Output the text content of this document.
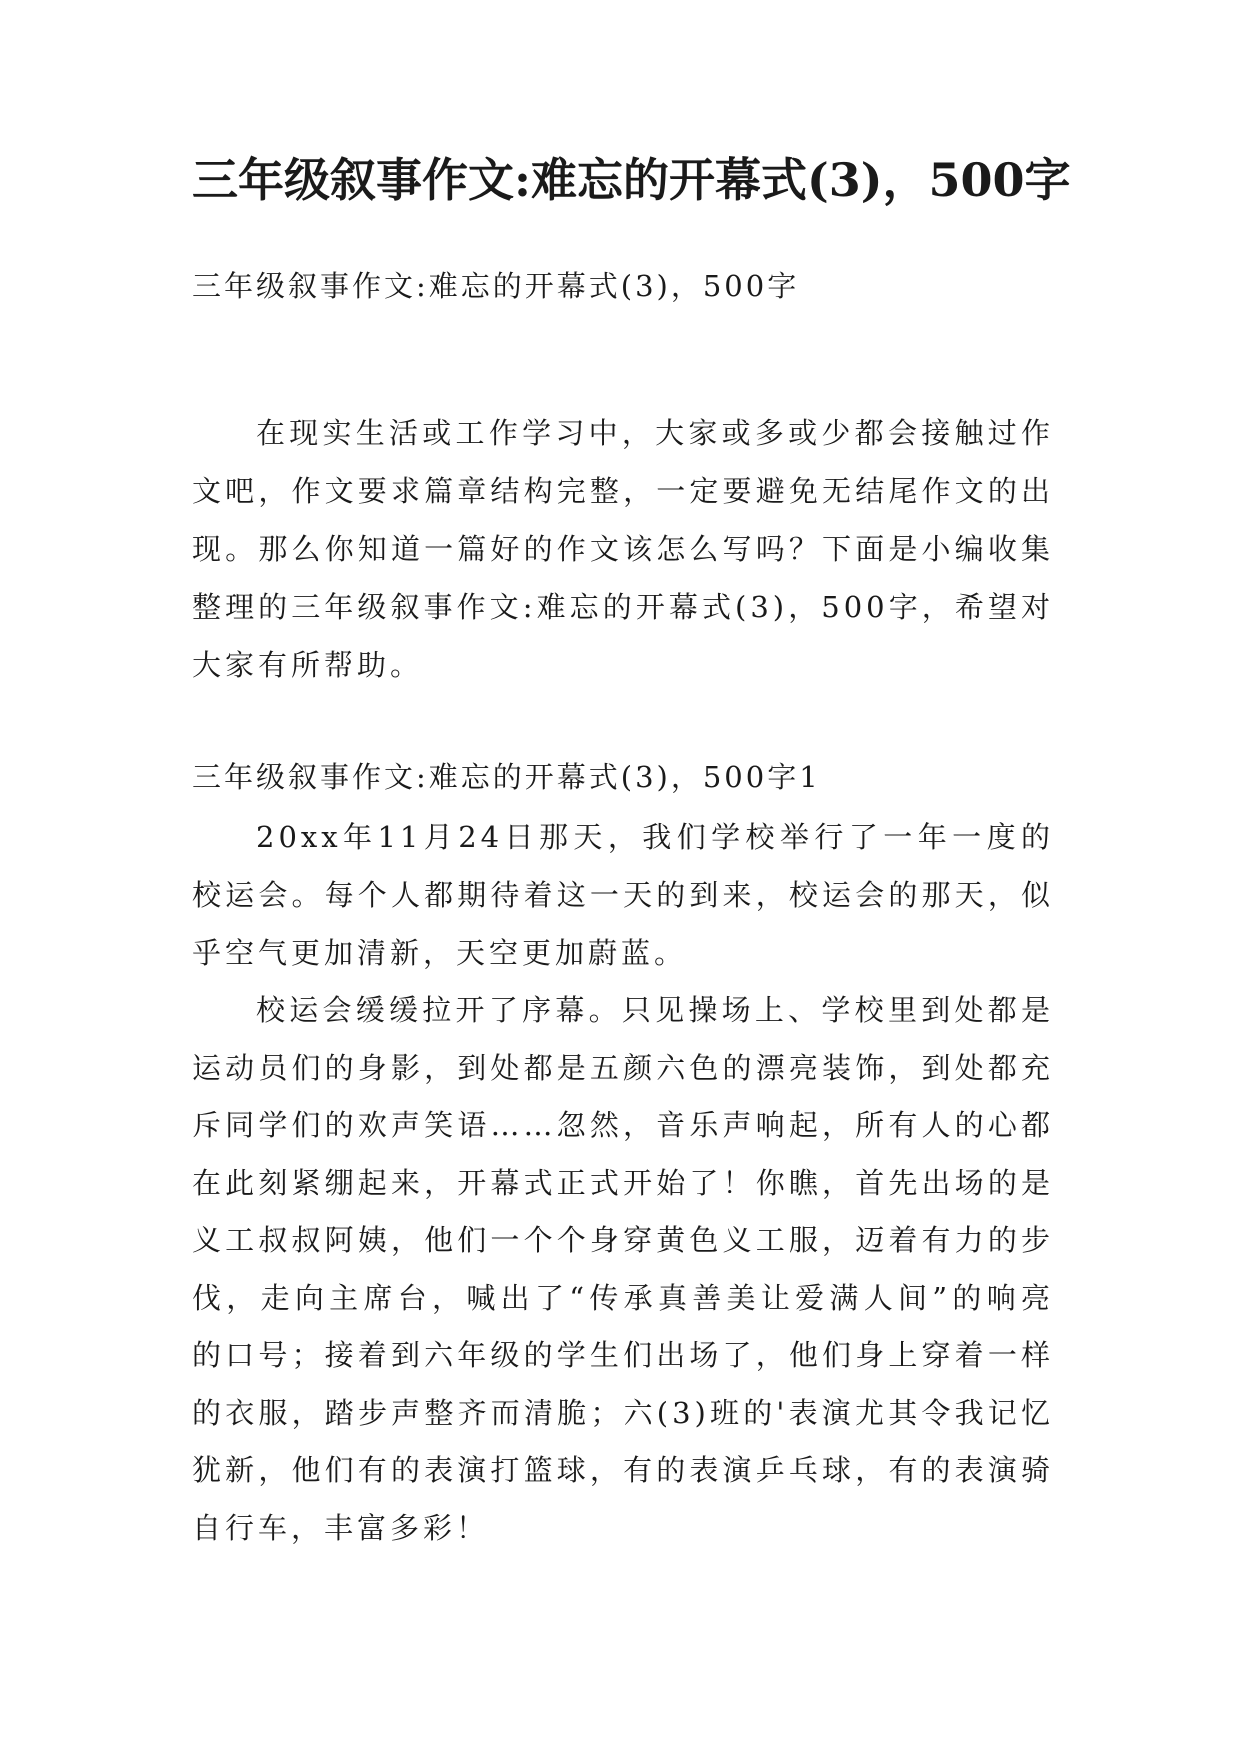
三年级叙事作文:难忘的开幕式(3)，500字

三年级叙事作文:难忘的开幕式(3)，500字

在现实生活或工作学习中，大家或多或少都会接触过作文吧，作文要求篇章结构完整，一定要避免无结尾作文的出现。那么你知道一篇好的作文该怎么写吗？下面是小编收集整理的三年级叙事作文:难忘的开幕式(3)，500字，希望对大家有所帮助。

三年级叙事作文:难忘的开幕式(3)，500字1

20xx年11月24日那天，我们学校举行了一年一度的校运会。每个人都期待着这一天的到来，校运会的那天，似乎空气更加清新，天空更加蔚蓝。

校运会缓缓拉开了序幕。只见操场上、学校里到处都是运动员们的身影，到处都是五颜六色的漂亮装饰，到处都充斥同学们的欢声笑语……忽然，音乐声响起，所有人的心都在此刻紧绷起来，开幕式正式开始了！你瞧，首先出场的是义工叔叔阿姨，他们一个个身穿黄色义工服，迈着有力的步伐，走向主席台，喊出了“传承真善美让爱满人间”的响亮的口号；接着到六年级的学生们出场了，他们身上穿着一样的衣服，踏步声整齐而清脆；六(3)班的'表演尤其令我记忆犹新，他们有的表演打篮球，有的表演乒乓球，有的表演骑自行车，丰富多彩！
